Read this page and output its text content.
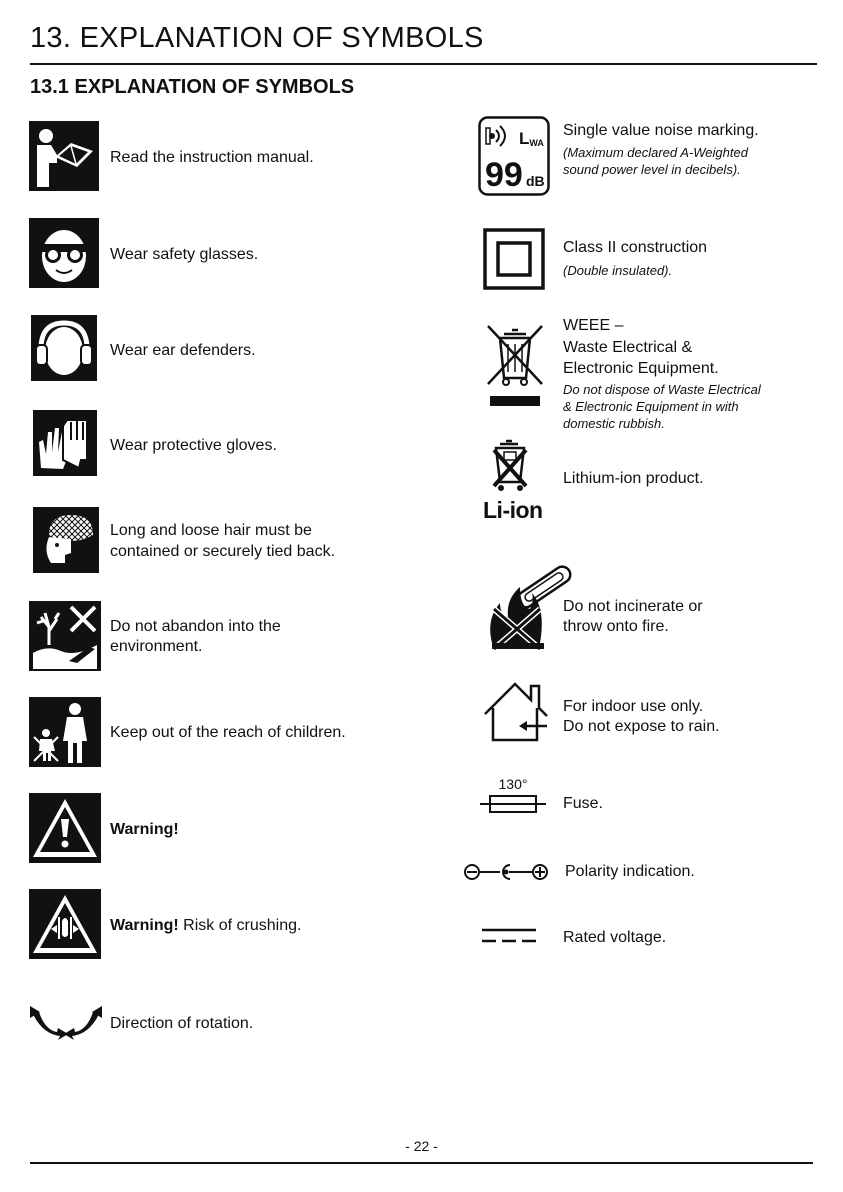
13. EXPLANATION OF SYMBOLS
13.1 EXPLANATION OF SYMBOLS
Read the instruction manual.
Wear safety glasses.
Wear ear defenders.
Wear protective gloves.
Long and loose hair must be
contained or securely tied back.
Do not abandon into the
environment.
Keep out of the reach of children.
Warning!
Warning! Risk of crushing.
Direction of rotation.
LWA
99 dB
Single value noise marking.
(Maximum declared A-Weighted
sound power level in decibels).
Class II construction
(Double insulated).
WEEE –
Waste Electrical &
Electronic Equipment.
Do not dispose of Waste Electrical
& Electronic Equipment in with
domestic rubbish.
Li-ion
Lithium-ion product.
Do not incinerate or
throw onto fire.
For indoor use only.
Do not expose to rain.
130°
Fuse.
Polarity indication.
Rated voltage.
- 22 -
